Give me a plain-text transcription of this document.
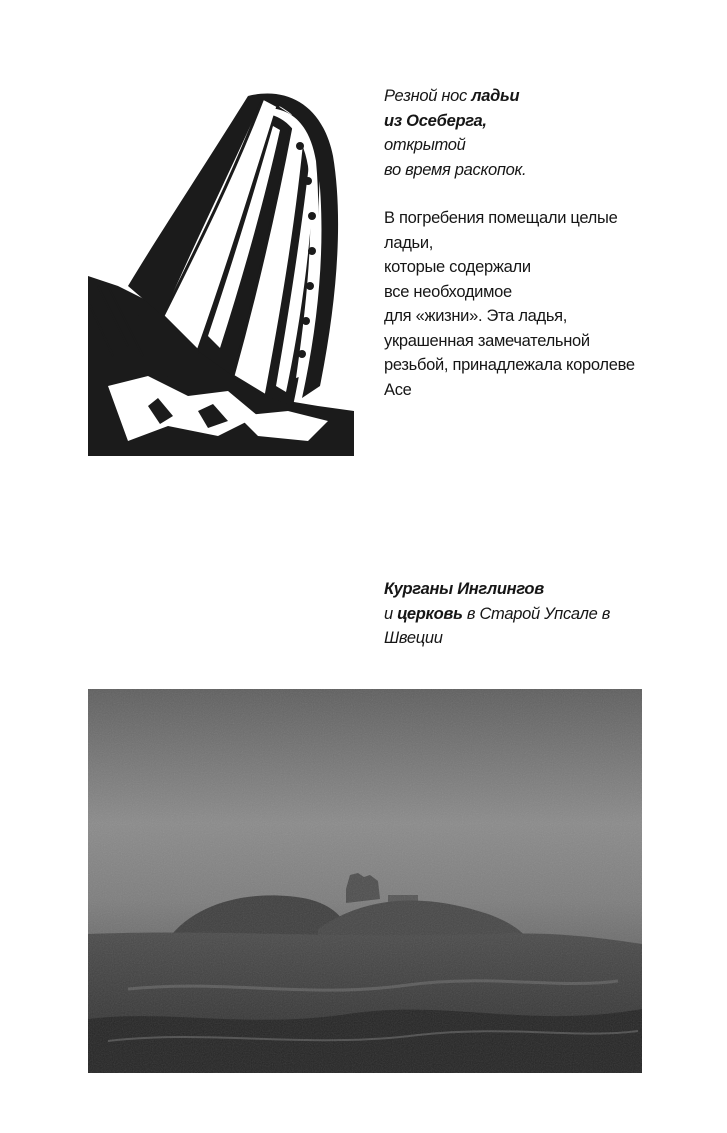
Резной нос ладьи
из Осеберга,
открытой
во время раскопок.
В погребения помещали целые
ладьи,
которые содержали
все необходимое
для «жизни». Эта ладья,
украшенная замечательной
резьбой, принадлежала королеве
Асе
Курганы Инглингов
и церковь в Старой Упсале в
Швеции
